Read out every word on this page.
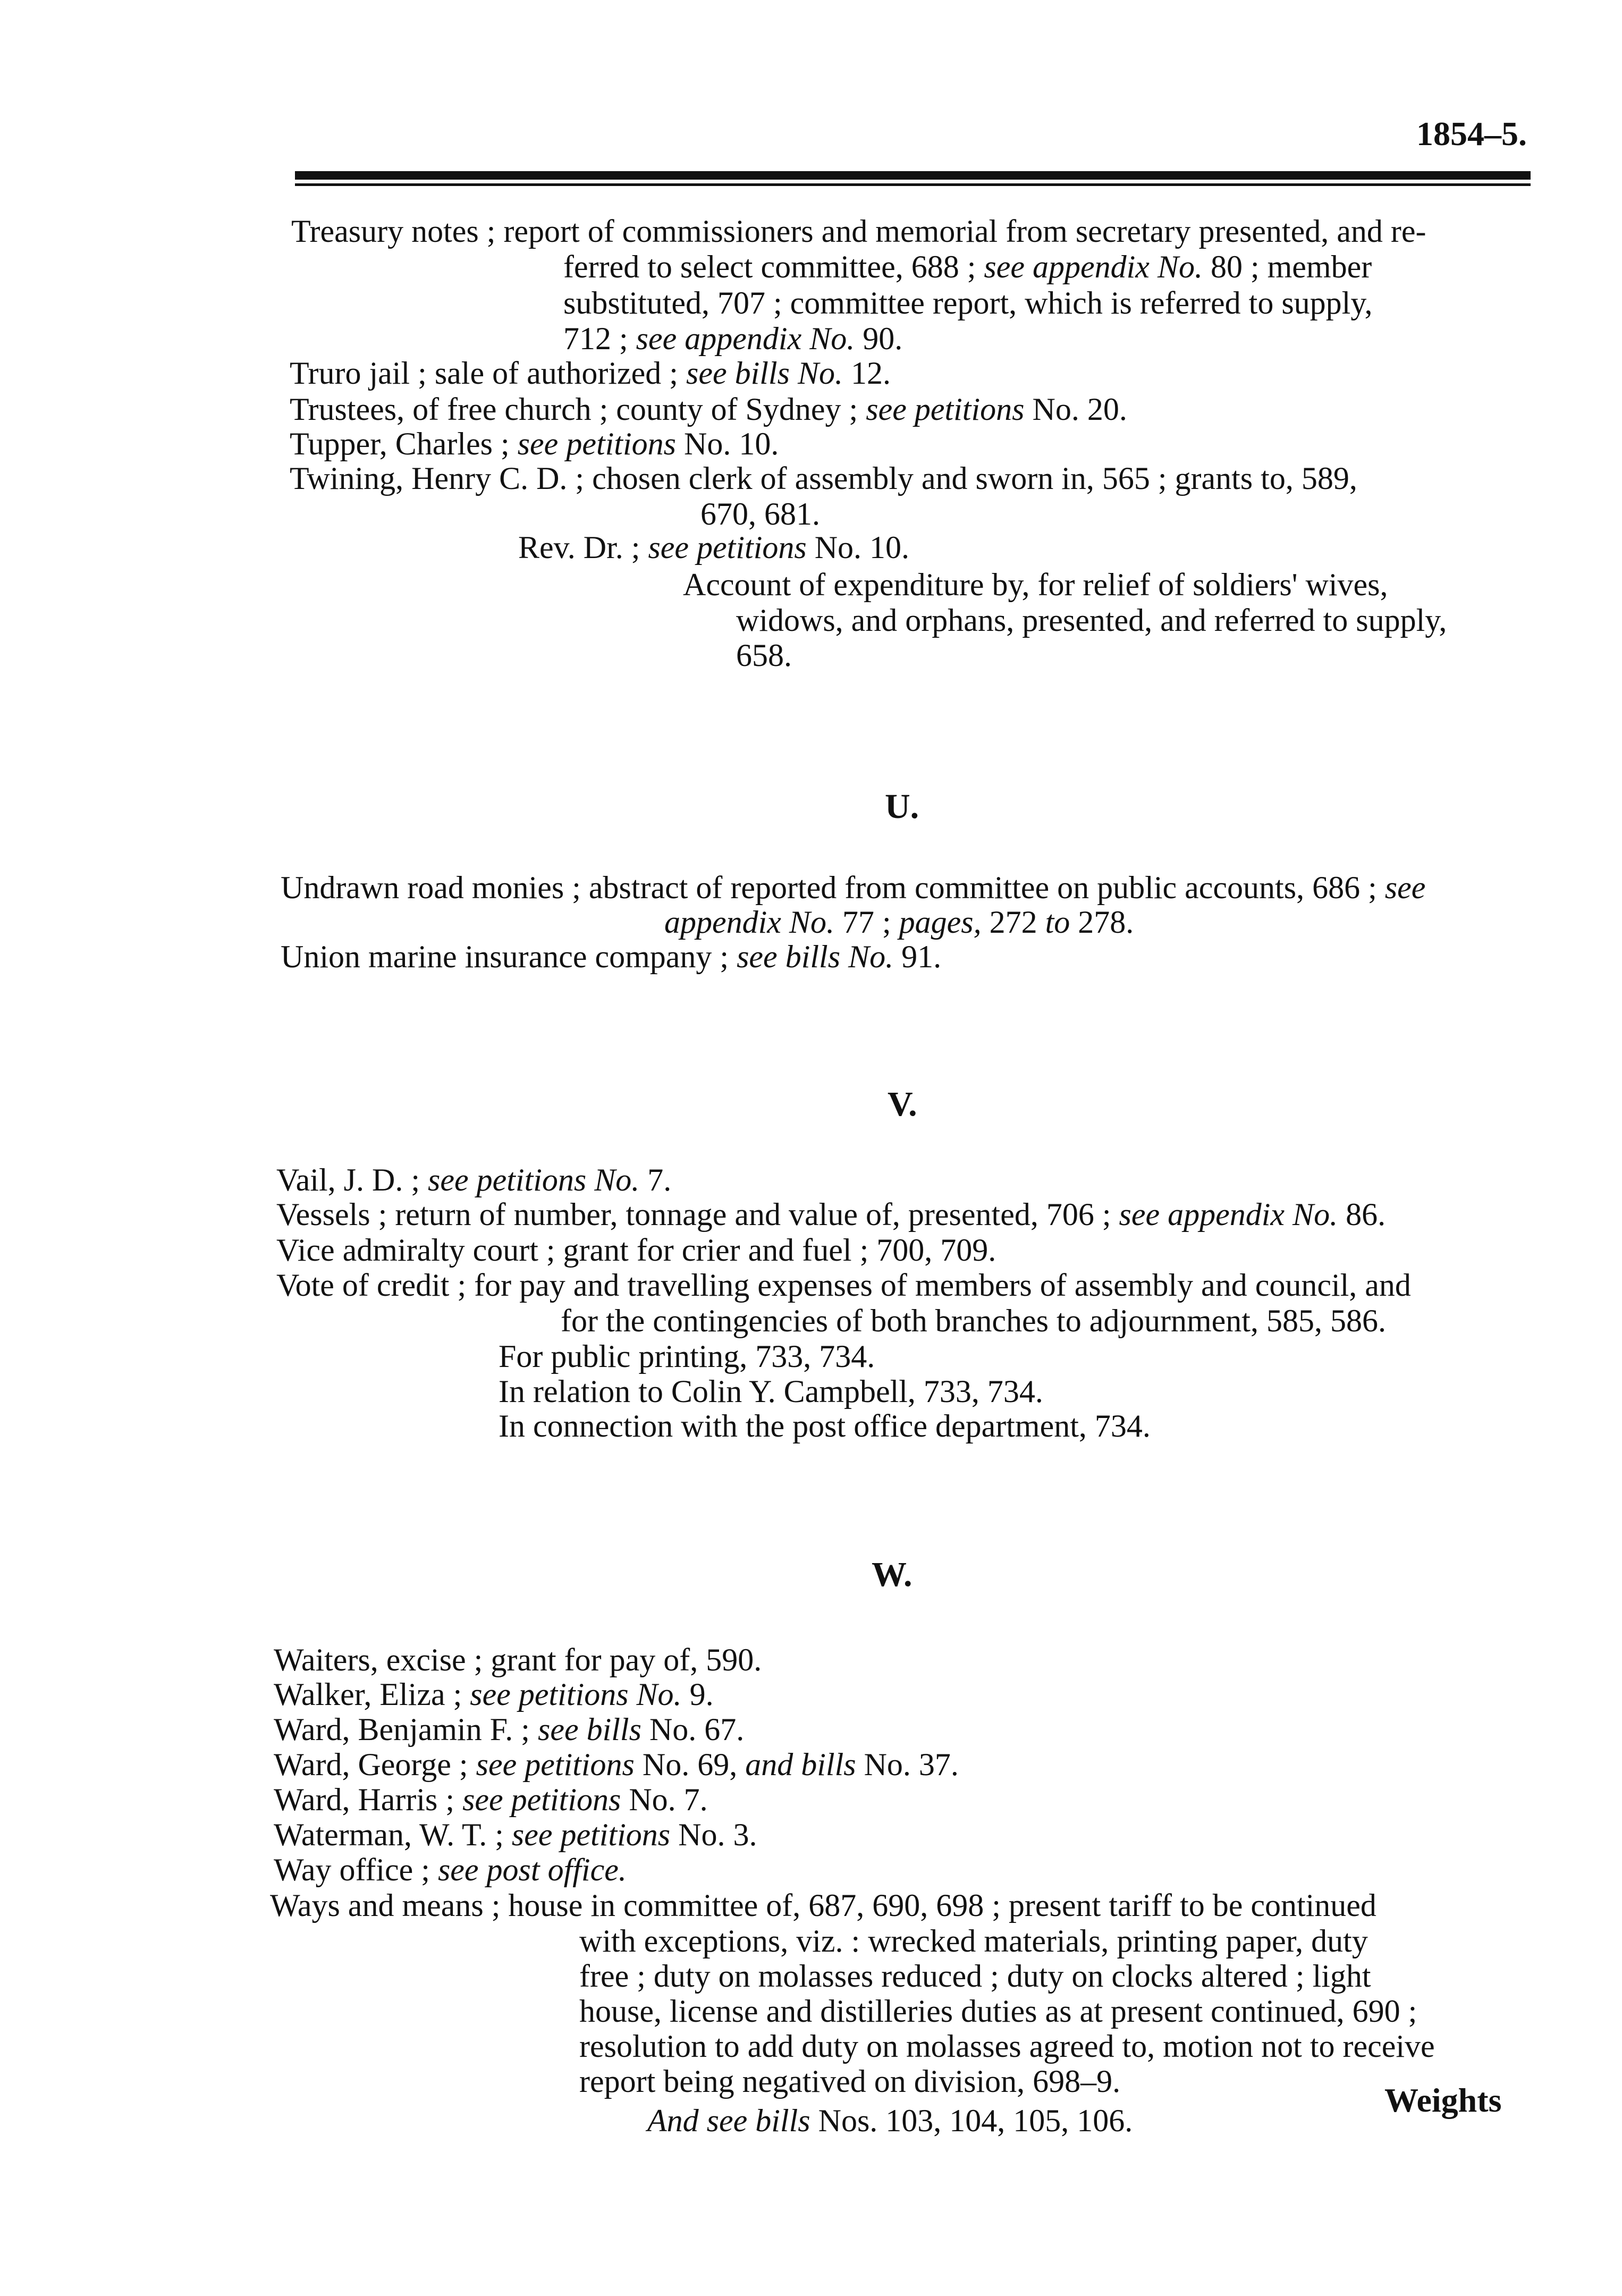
1854–5.
Treasury notes ; report of commissioners and memorial from secretary presented, and re-
ferred to select committee, 688 ; see appendix No. 80 ; member
substituted, 707 ; committee report, which is referred to supply,
712 ; see appendix No. 90.
Truro jail ; sale of authorized ; see bills No. 12.
Trustees, of free church ; county of Sydney ; see petitions No. 20.
Tupper, Charles ; see petitions No. 10.
Twining, Henry C. D. ; chosen clerk of assembly and sworn in, 565 ; grants to, 589,
670, 681.
Rev. Dr. ; see petitions No. 10.
Account of expenditure by, for relief of soldiers' wives,
widows, and orphans, presented, and referred to supply,
658.
U.
Undrawn road monies ; abstract of reported from committee on public accounts, 686 ; see
appendix No. 77 ; pages, 272 to 278.
Union marine insurance company ; see bills No. 91.
V.
Vail, J. D. ; see petitions No. 7.
Vessels ; return of number, tonnage and value of, presented, 706 ; see appendix No. 86.
Vice admiralty court ; grant for crier and fuel ; 700, 709.
Vote of credit ; for pay and travelling expenses of members of assembly and council, and
for the contingencies of both branches to adjournment, 585, 586.
For public printing, 733, 734.
In relation to Colin Y. Campbell, 733, 734.
In connection with the post office department, 734.
W.
Waiters, excise ; grant for pay of, 590.
Walker, Eliza ; see petitions No. 9.
Ward, Benjamin F. ; see bills No. 67.
Ward, George ; see petitions No. 69, and bills No. 37.
Ward, Harris ; see petitions No. 7.
Waterman, W. T. ; see petitions No. 3.
Way office ; see post office.
Ways and means ; house in committee of, 687, 690, 698 ; present tariff to be continued
with exceptions, viz. : wrecked materials, printing paper, duty
free ; duty on molasses reduced ; duty on clocks altered ; light
house, license and distilleries duties as at present continued, 690 ;
resolution to add duty on molasses agreed to, motion not to receive
report being negatived on division, 698–9.
And see bills Nos. 103, 104, 105, 106.
Weights
